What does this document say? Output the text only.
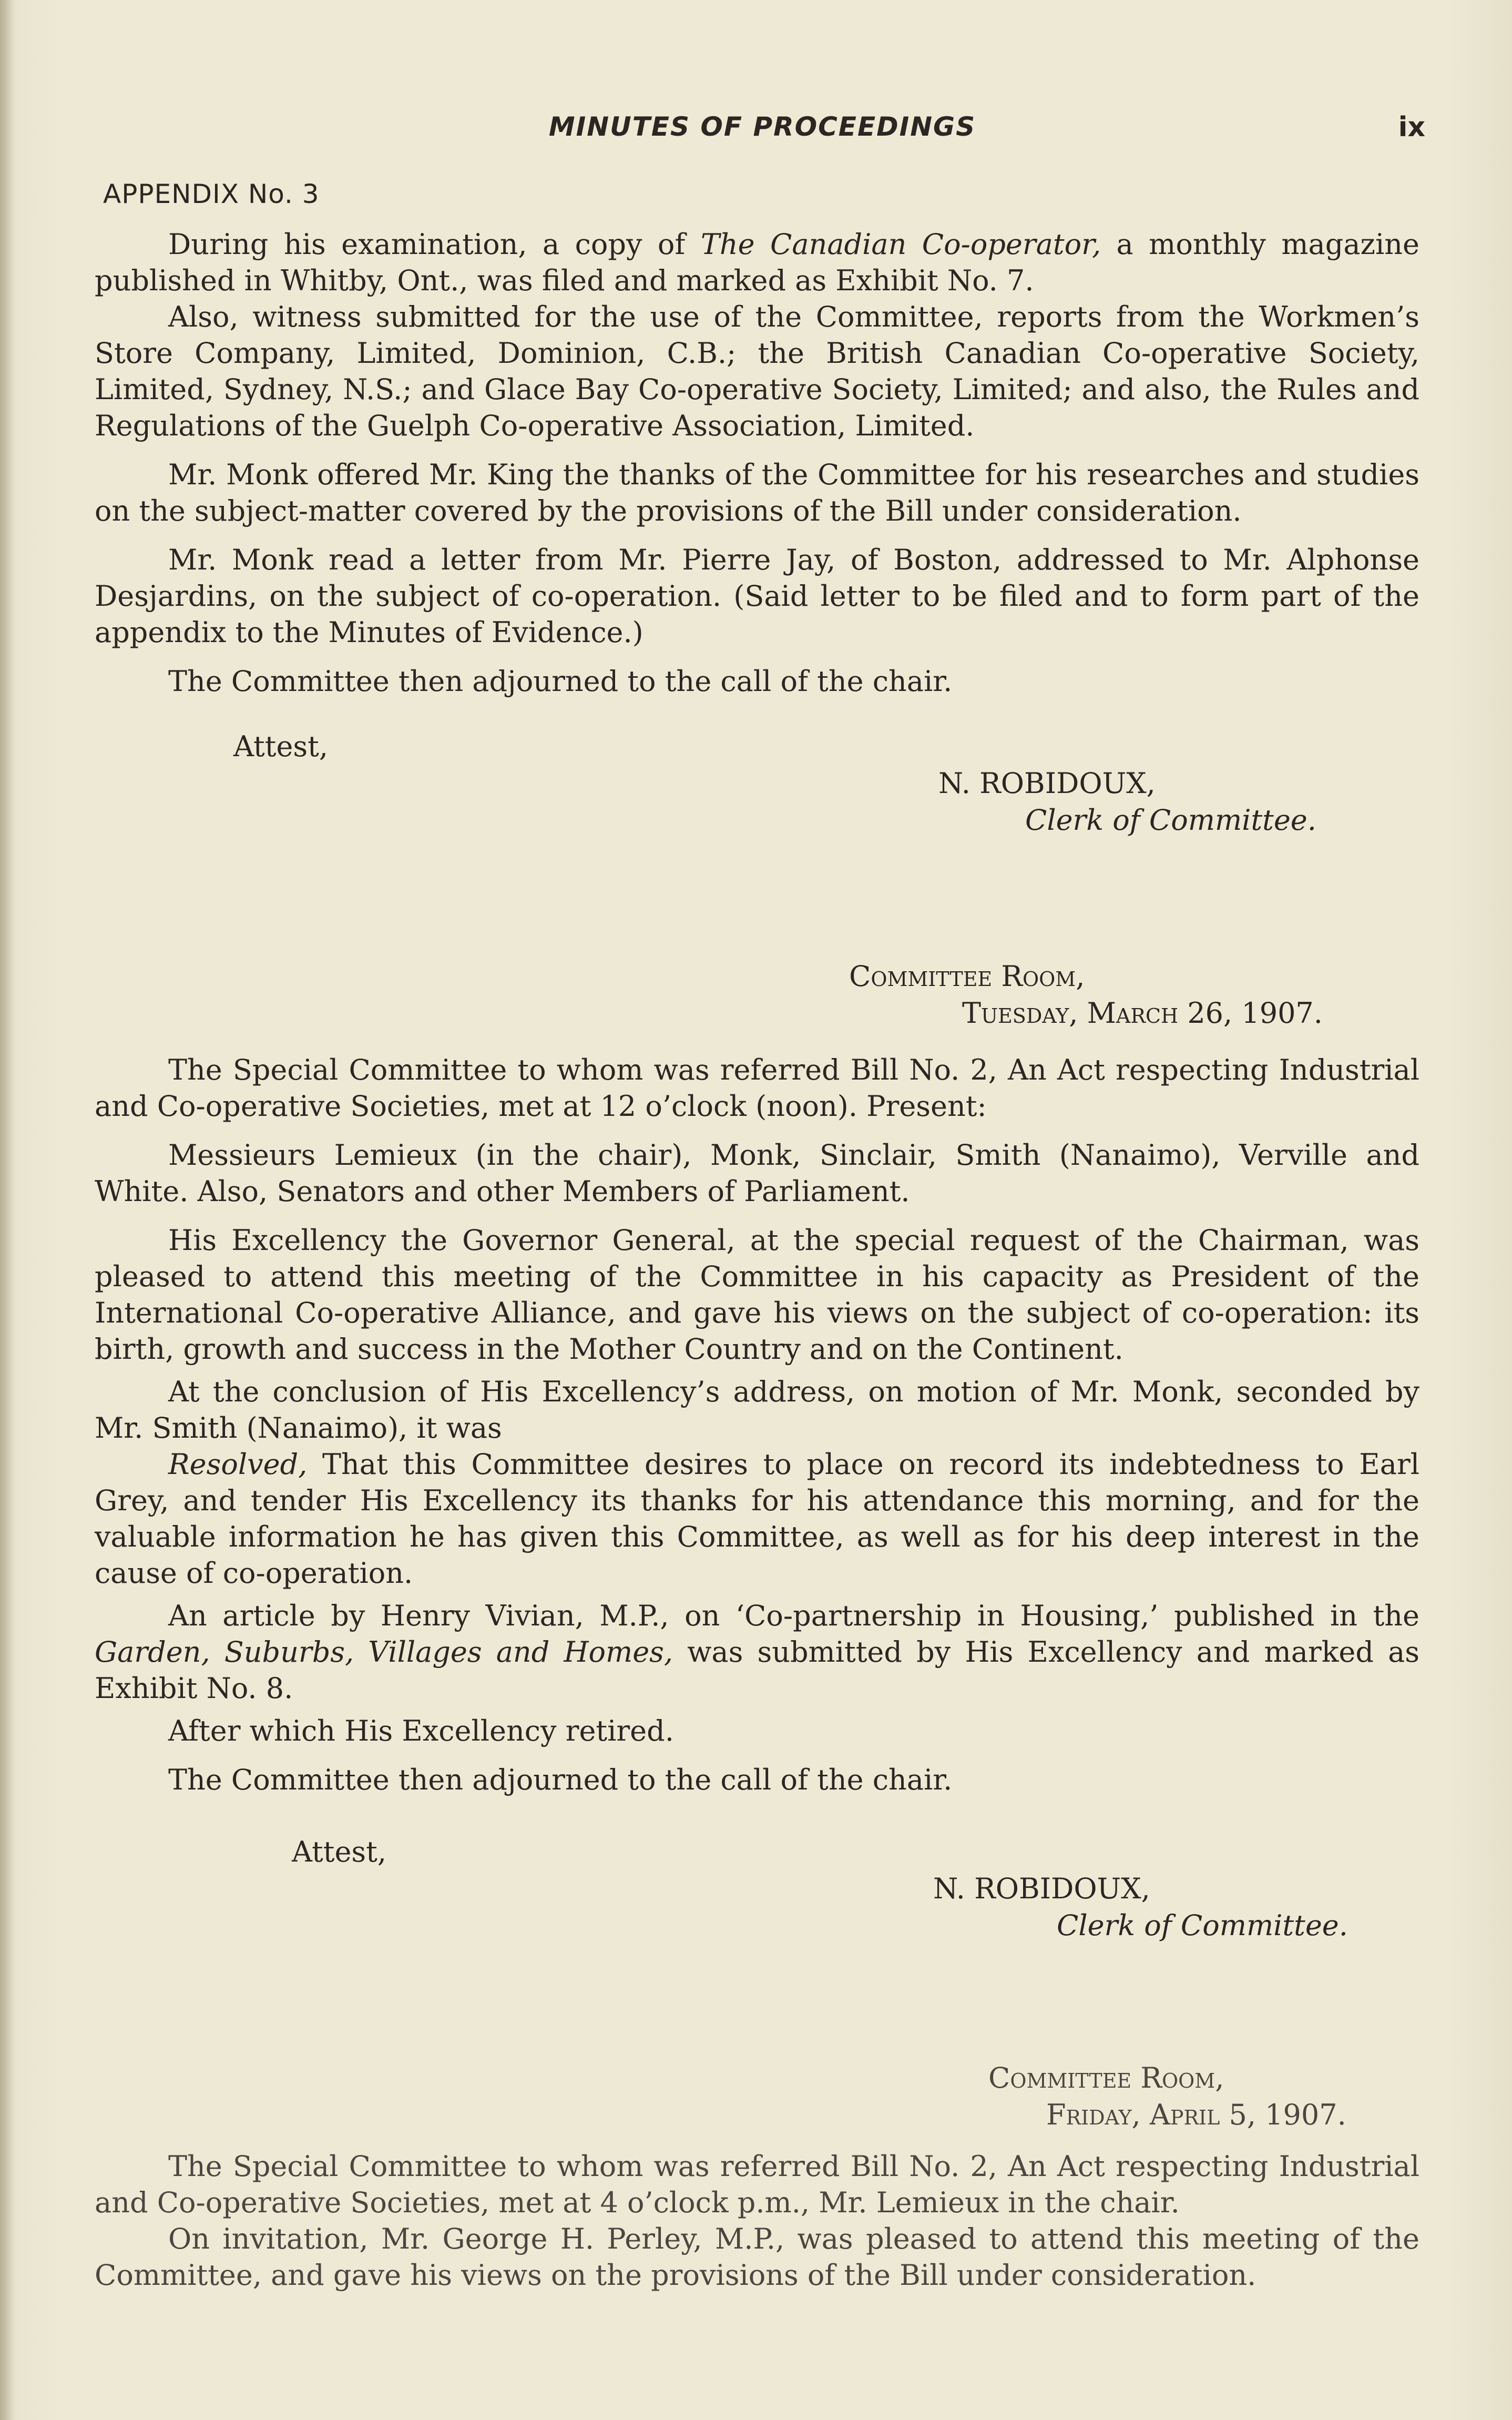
MINUTES OF PROCEEDINGS	ix
APPENDIX No. 3

During his examination, a copy of The Canadian Co-operator, a monthly magazine published in Whitby, Ont., was filed and marked as Exhibit No. 7.

Also, witness submitted for the use of the Committee, reports from the Workmen’s Store Company, Limited, Dominion, C.B.; the British Canadian Co-operative Society, Limited, Sydney, N.S.; and Glace Bay Co-operative Society, Limited; and also, the Rules and Regulations of the Guelph Co-operative Association, Limited.

Mr. Monk offered Mr. King the thanks of the Committee for his researches and studies on the subject-matter covered by the provisions of the Bill under consideration.

Mr. Monk read a letter from Mr. Pierre Jay, of Boston, addressed to Mr. Alphonse Desjardins, on the subject of co-operation. (Said letter to be filed and to form part of the appendix to the Minutes of Evidence.)

The Committee then adjourned to the call of the chair.

Attest,
N. ROBIDOUX,
Clerk of Committee.
Committee Room,
Tuesday, March 26, 1907.

The Special Committee to whom was referred Bill No. 2, An Act respecting Industrial and Co-operative Societies, met at 12 o’clock (noon). Present:

Messieurs Lemieux (in the chair), Monk, Sinclair, Smith (Nanaimo), Verville and White. Also, Senators and other Members of Parliament.

His Excellency the Governor General, at the special request of the Chairman, was pleased to attend this meeting of the Committee in his capacity as President of the International Co-operative Alliance, and gave his views on the subject of co-operation: its birth, growth and success in the Mother Country and on the Continent.

At the conclusion of His Excellency’s address, on motion of Mr. Monk, seconded by Mr. Smith (Nanaimo), it was

Resolved, That this Committee desires to place on record its indebtedness to Earl Grey, and tender His Excellency its thanks for his attendance this morning, and for the valuable information he has given this Committee, as well as for his deep interest in the cause of co-operation.

An article by Henry Vivian, M.P., on ‘Co-partnership in Housing,’ published in the Garden, Suburbs, Villages and Homes, was submitted by His Excellency and marked as Exhibit No. 8.

After which His Excellency retired.

The Committee then adjourned to the call of the chair.

Attest,
N. ROBIDOUX,
Clerk of Committee.
Committee Room,
Friday, April 5, 1907.

The Special Committee to whom was referred Bill No. 2, An Act respecting Industrial and Co-operative Societies, met at 4 o’clock p.m., Mr. Lemieux in the chair.

On invitation, Mr. George H. Perley, M.P., was pleased to attend this meeting of the Committee, and gave his views on the provisions of the Bill under consideration.
